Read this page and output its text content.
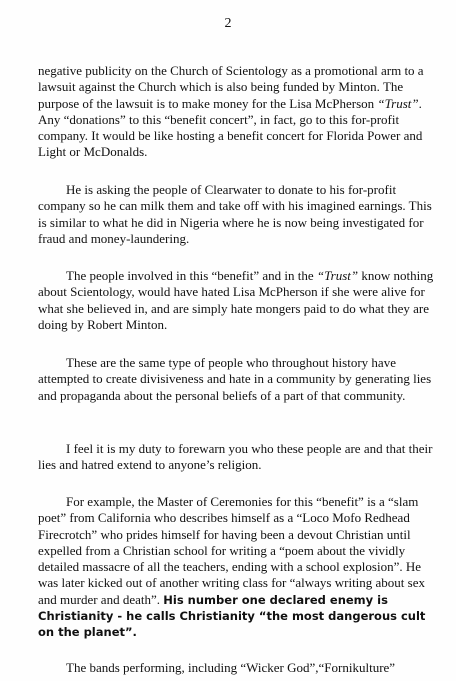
2

negative publicity on the Church of Scientology as a promotional arm to a lawsuit against the Church which is also being funded by Minton. The purpose of the lawsuit is to make money for the Lisa McPherson “Trust”. Any “donations” to this “benefit concert”, in fact, go to this for-profit company. It would be like hosting a benefit concert for Florida Power and Light or McDonalds.

He is asking the people of Clearwater to donate to his for-profit company so he can milk them and take off with his imagined earnings. This is similar to what he did in Nigeria where he is now being investigated for fraud and money-laundering.

The people involved in this “benefit” and in the “Trust” know nothing about Scientology, would have hated Lisa McPherson if she were alive for what she believed in, and are simply hate mongers paid to do what they are doing by Robert Minton.

These are the same type of people who throughout history have attempted to create divisiveness and hate in a community by generating lies and propaganda about the personal beliefs of a part of that community.

I feel it is my duty to forewarn you who these people are and that their lies and hatred extend to anyone’s religion.

For example, the Master of Ceremonies for this “benefit” is a “slam poet” from California who describes himself as a “Loco Mofo Redhead Firecrotch” who prides himself for having been a devout Christian until expelled from a Christian school for writing a “poem about the vividly detailed massacre of all the teachers, ending with a school explosion”. He was later kicked out of another writing class for “always writing about sex and murder and death”. His number one declared enemy is Christianity - he calls Christianity “the most dangerous cult on the planet”.

The bands performing, including “Wicker God”,“Fornikulture”
